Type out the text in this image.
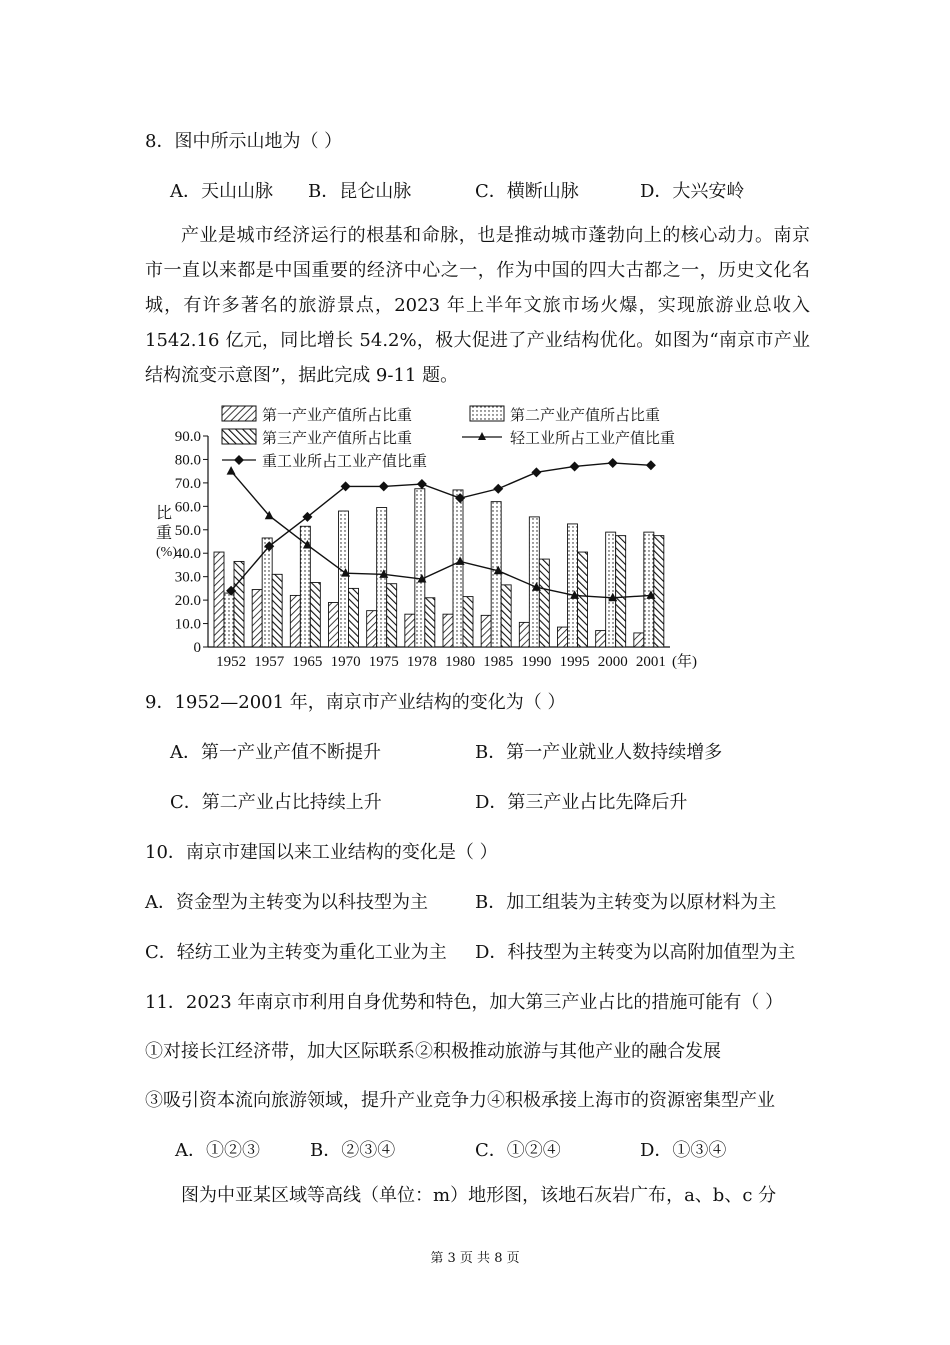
8．图中所示山地为（ ）
A．天山山脉 B．昆仑山脉	C．横断山脉	D．大兴安岭
产业是城市经济运行的根基和命脉，也是推动城市蓬勃向上的核心动力。南京市一直以来都是中国重要的经济中心之一，作为中国的四大古都之一，历史文化名城，有许多著名的旅游景点，2023 年上半年文旅市场火爆，实现旅游业总收入 1542.16 亿元，同比增长 54.2%，极大促进了产业结构优化。如图为“南京市产业结构流变示意图”，据此完成 9-11 题。
第一产业产值所占比重	第二产业产值所占比重
第三产业产值所占比重	轻工业所占工业产值比重
重工业所占工业产值比重
0
10.0
20.0
30.0
40.0
50.0
60.0
70.0
80.0
90.0
1952 1957 1965 1970 1975 1978 1980 1985 1990 1995 2000 2001
比
重
(%)
(年)
9．1952—2001 年，南京市产业结构的变化为（ ）
A．第一产业产值不断提升	B．第一产业就业人数持续增多
C．第二产业占比持续上升	D．第三产业占比先降后升
10．南京市建国以来工业结构的变化是（ ）
A．资金型为主转变为以科技型为主	B．加工组装为主转变为以原材料为主
C．轻纺工业为主转变为重化工业为主 D．科技型为主转变为以高附加值型为主
11．2023 年南京市利用自身优势和特色，加大第三产业占比的措施可能有（ ）
①对接长江经济带，加大区际联系②积极推动旅游与其他产业的融合发展
③吸引资本流向旅游领域，提升产业竞争力④积极承接上海市的资源密集型产业
A．①②③	B．②③④	C．①②④	D．①③④
图为中亚某区域等高线（单位：m）地形图，该地石灰岩广布，a、b、c 分
第 3 页 共 8 页
